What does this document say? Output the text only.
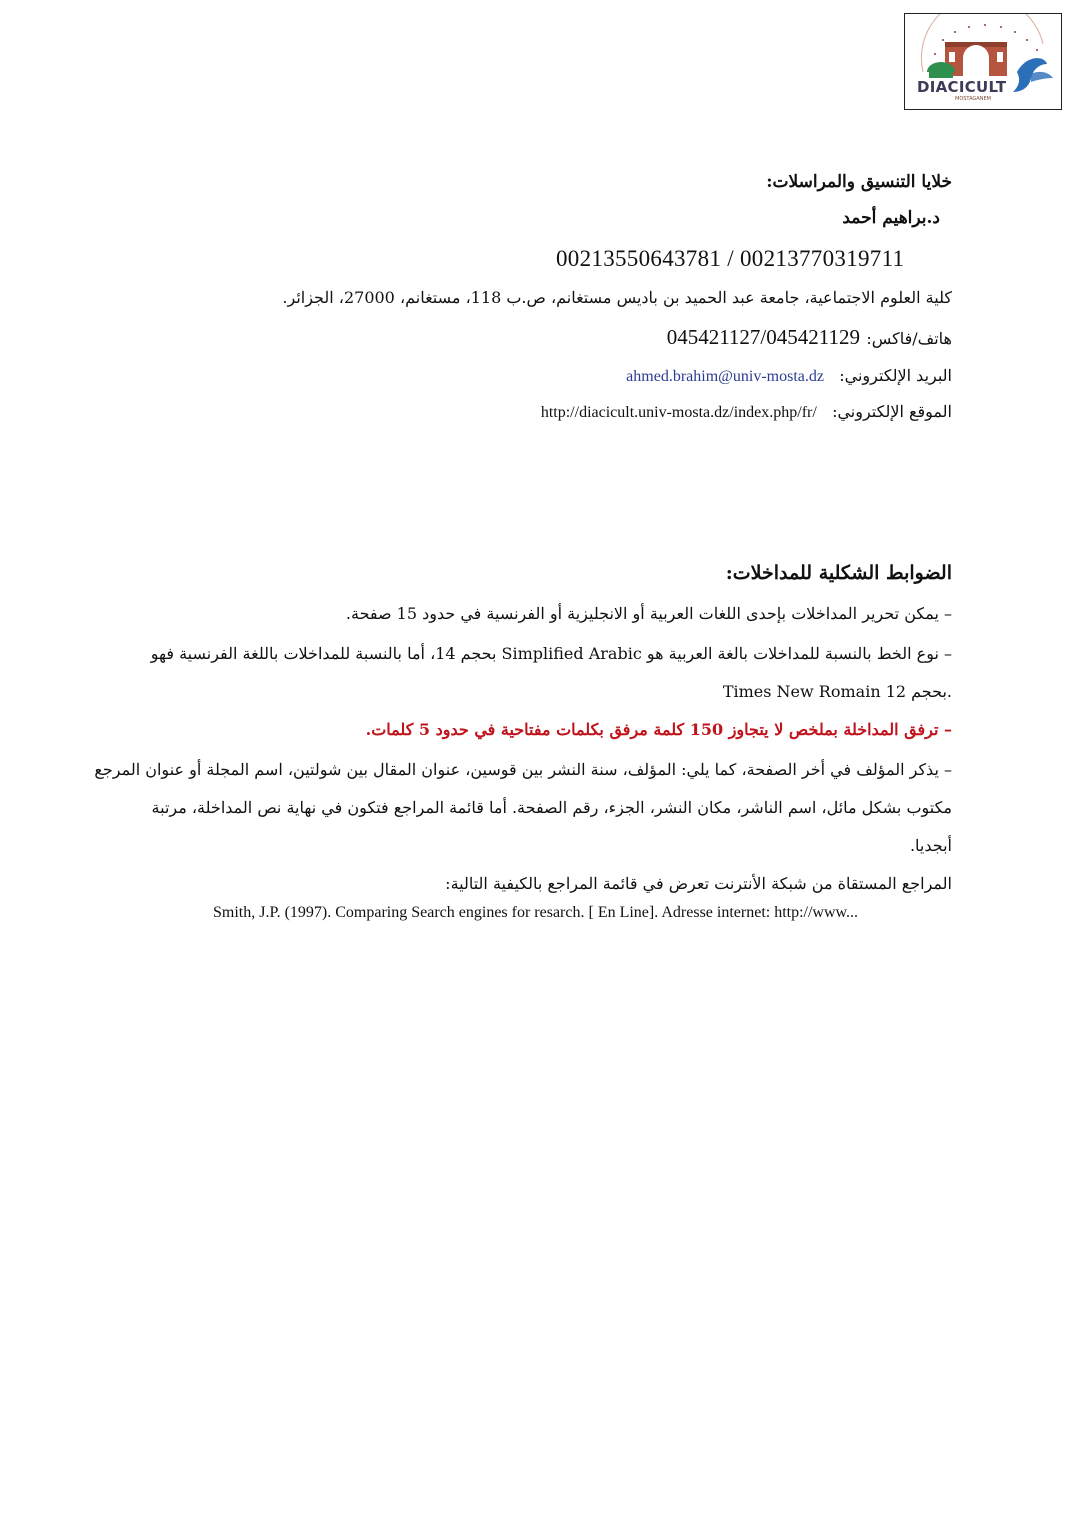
DIACICULT
MOSTAGANEM
خلايا التنسيق والمراسلات:
د.براهيم أحمد
00213550643781 / 00213770319711
كلية العلوم الاجتماعية، جامعة عبد الحميد بن باديس مستغانم، ص.ب 118، مستغانم، 27000، الجزائر.
هاتف/فاكس: 045421127/045421129
البريد الإلكتروني:   ahmed.brahim@univ-mosta.dz
الموقع الإلكتروني:   http://diacicult.univ-mosta.dz/index.php/fr/
الضوابط الشكلية للمداخلات:
– يمكن تحرير المداخلات بإحدى اللغات العربية أو الانجليزية أو الفرنسية في حدود 15 صفحة.
– نوع الخط بالنسبة للمداخلات بالغة العربية هو Simplified Arabic بحجم 14، أما بالنسبة للمداخلات باللغة الفرنسية فهو
Times New Romain بحجم 12.
– ترفق المداخلة بملخص لا يتجاوز 150 كلمة مرفق بكلمات مفتاحية في حدود 5 كلمات.
– يذكر المؤلف في أخر الصفحة، كما يلي: المؤلف، سنة النشر بين قوسين، عنوان المقال بين شولتين، اسم المجلة أو عنوان المرجع
مكتوب بشكل مائل، اسم الناشر، مكان النشر، الجزء، رقم الصفحة. أما قائمة المراجع فتكون في نهاية نص المداخلة، مرتبة
أبجديا.
المراجع المستقاة من شبكة الأنترنت تعرض في قائمة المراجع بالكيفية التالية:
Smith, J.P. (1997). Comparing Search engines for resarch. [ En Line]. Adresse internet: http://www...
